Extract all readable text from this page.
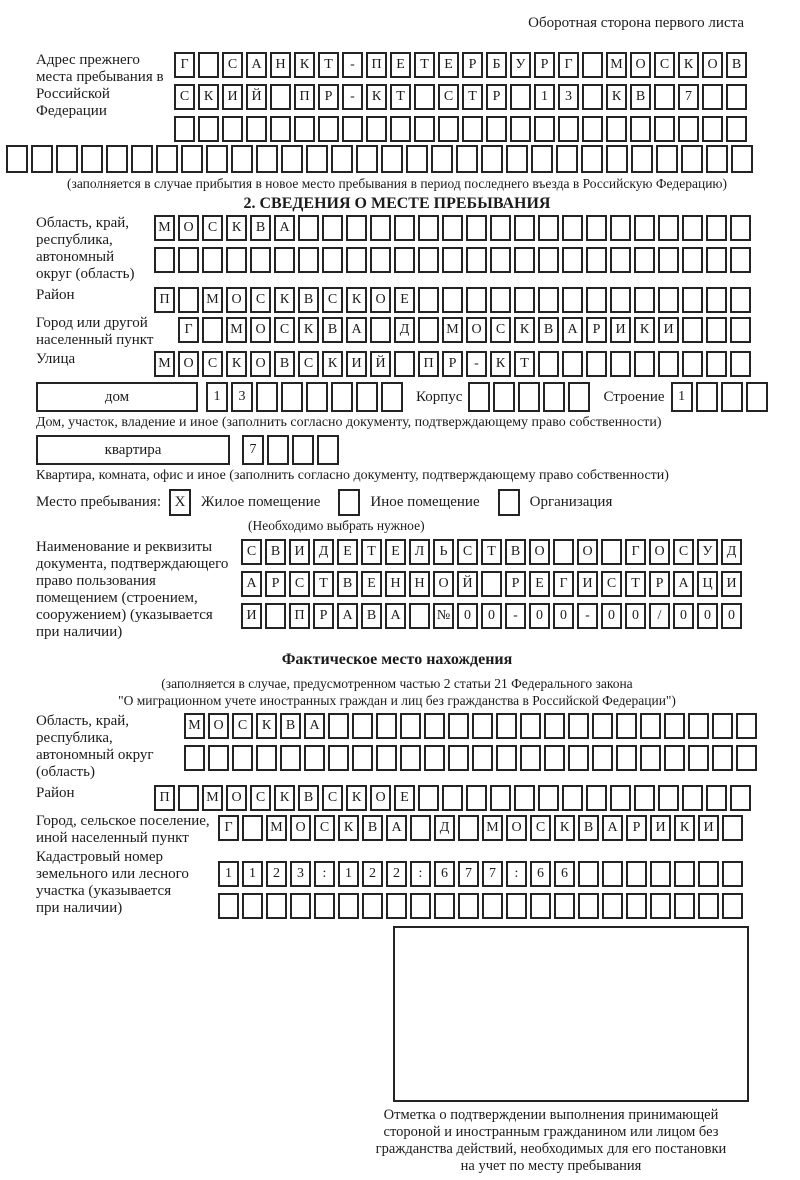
Оборотная сторона первого листа
Адрес прежнего места пребывания в Российской Федерации
Г	С	А Н	К	Т	-	П	Е	Т	Е	Р	Б	У	Р	Г	М О	С	К	О	В
С	К	И Й	П	Р	-	К	Т	С	Т	Р	1	3	К	В	7
(заполняется в случае прибытия в новое место пребывания в период последнего въезда в Российскую Федерацию)
2. СВЕДЕНИЯ О МЕСТЕ ПРЕБЫВАНИЯ
Область, край,
республика,
автономный
округ (область)
М О	С	К	В	А
Район	П	М О	С	К	В	С	К	О	Е
Город или другой
населенный пункт
Г	М О	С	К	В	А	Д	М О	С	К	В	А	Р	И	К	И
Улица	М О	С	К	О	В	С	К	И Й	П	Р	-	К	Т
дом	1	3	Корпус	Строение 1
Дом, участок, владение и иное (заполнить согласно документу, подтверждающему право собственности)
квартира	7
Квартира, комната, офис и иное (заполнить согласно документу, подтверждающему право собственности)
Место пребывания: X	Жилое помещение	Иное помещение	Организация
(Необходимо выбрать нужное)
Наименование и реквизиты
документа, подтверждающего
право пользования
помещением (строением,
сооружением) (указывается
при наличии)
С	В	И	Д	Е	Т	Е	Л	Ь	С	Т	В	О	О	Г	О	С	У	Д
А	Р	С	Т	В	Е	Н Н О Й	Р	Е	Г	И	С	Т	Р	А Ц И
И	П	Р	А	В	А	№ 0	0	-	0	0	-	0	0	/	0	0	0
Фактическое место нахождения
(заполняется в случае, предусмотренном частью 2 статьи 21 Федерального закона
"О миграционном учете иностранных граждан и лиц без гражданства в Российской Федерации")
Область, край,
республика,
автономный округ
(область)
М О	С	К	В	А
Район	П	М О	С	К	В	С	К	О	Е
Город, сельское поселение,
иной населенный пункт
Г	М О	С	К	В	А	Д	М О	С	К	В	А	Р	И	К	И
Кадастровый номер
земельного или лесного
участка (указывается
при наличии)
1	1	2	3	:	1	2	2	:	6	7	7	:	6	6
Отметка о подтверждении выполнения принимающей
стороной и иностранным гражданином или лицом без
гражданства действий, необходимых для его постановки
на учет по месту пребывания
